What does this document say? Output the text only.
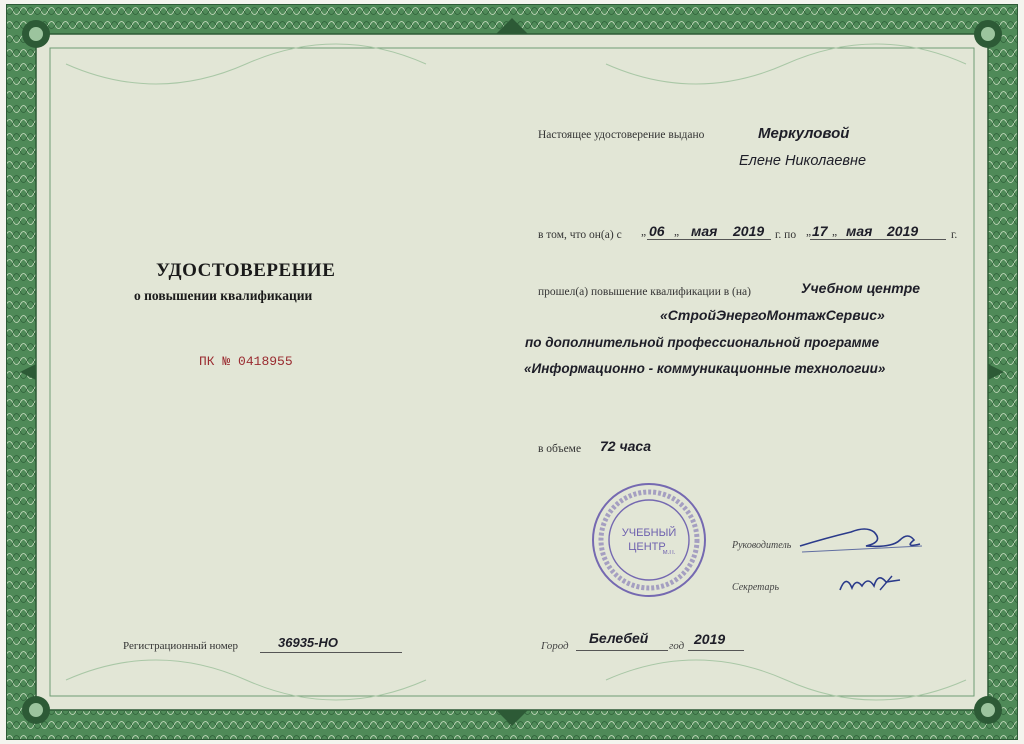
УДОСТОВЕРЕНИЕ
о повышении квалификации
ПК № 0418955
Регистрационный номер	36935-НО
Настоящее удостоверение выдано	Меркуловой
Елене Николаевне
в том, что он(а) с „ 06 „ мая 2019 г. по „ 17 „ мая 2019	г.
прошел(а) повышение квалификации в (на)	Учебном центре
«СтройЭнергоМонтажСервис»
по дополнительной профессиональной программе
«Информационно - коммуникационные технологии»
в объеме 72 часа
УЧЕБНЫЙ
ЦЕНТР
М.П.
Руководитель
Секретарь
Город Белебей год 2019
